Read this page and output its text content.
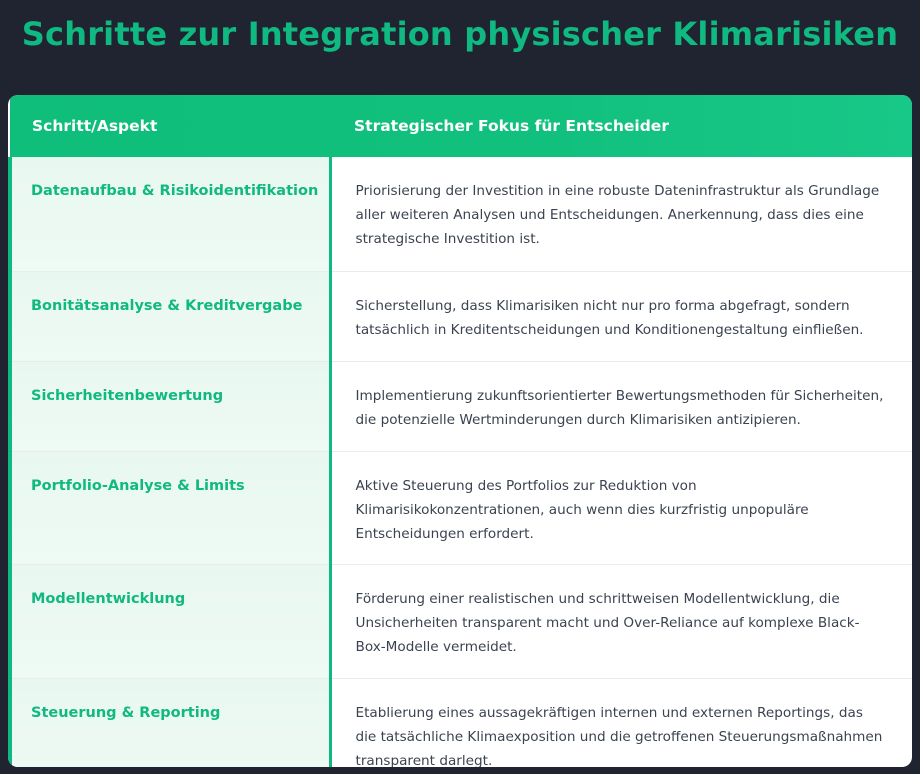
Schritte zur Integration physischer Klimarisiken
Schritt/Aspekt	Strategischer Fokus für Entscheider
Datenaufbau & Risikoidentifikation	Priorisierung der Investition in eine robuste Dateninfrastruktur als Grundlage aller weiteren Analysen und Entscheidungen. Anerkennung, dass dies eine strategische Investition ist.
Bonitätsanalyse & Kreditvergabe	Sicherstellung, dass Klimarisiken nicht nur pro forma abgefragt, sondern tatsächlich in Kreditentscheidungen und Konditionengestaltung einfließen.
Sicherheitenbewertung	Implementierung zukunftsorientierter Bewertungsmethoden für Sicherheiten, die potenzielle Wertminderungen durch Klimarisiken antizipieren.
Portfolio-Analyse & Limits	Aktive Steuerung des Portfolios zur Reduktion von Klimarisikokonzentrationen, auch wenn dies kurzfristig unpopuläre Entscheidungen erfordert.
Modellentwicklung	Förderung einer realistischen und schrittweisen Modellentwicklung, die Unsicherheiten transparent macht und Over-Reliance auf komplexe Black-Box-Modelle vermeidet.
Steuerung & Reporting	Etablierung eines aussagekräftigen internen und externen Reportings, das die tatsächliche Klimaexposition und die getroffenen Steuerungsmaßnahmen transparent darlegt.
